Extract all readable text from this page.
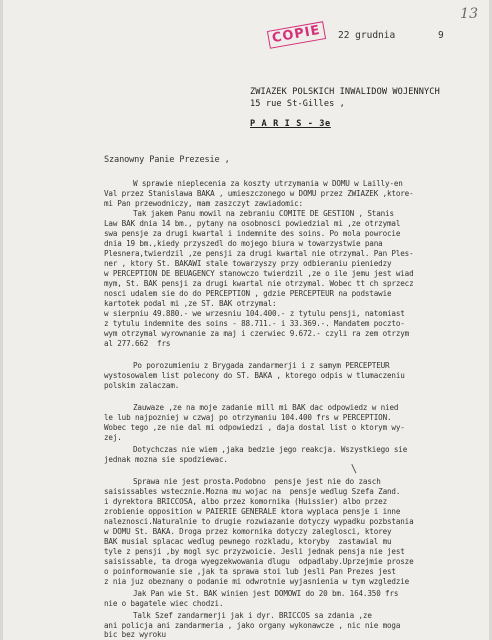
13
COPIE	22 grudnia	9
ZWIAZEK POLSKICH INWALIDOW WOJENNYCH
15 rue St-Gilles ,
P A R I S - 3e
Szanowny Panie Prezesie ,
W sprawie nieplecenia za koszty utrzymania w DOMU w Lailly-en
Val przez Stanislawa BAKA , umieszczonego w DOMU przez ZWIAZEK ,ktore-
mi Pan przewodniczy, mam zaszczyt zawiadomic:
Tak jakem Panu mowil na zebraniu COMITE DE GESTION , Stanis
Law BAK dnia 14 bm., pytany na osobnosci powiedzial mi ,ze otrzymal
swa pensje za drugi kwartal i indemnite des soins. Po mola powrocie
dnia 19 bm.,kiedy przyszedl do mojego biura w towarzystwie pana
Plesnera,twierdzil ,ze pensji za drugi kwartal nie otrzymal. Pan Ples-
ner , ktory St. BAKAWI stale towarzyszy przy odbieraniu pieniedzy
w PERCEPTION DE BEUAGENCY stanowczo twierdzil ,ze o ile jemu jest wiad
mym, St. BAK pensji za drugi kwartal nie otrzymal. Wobec tt ch sprzecz
nosci udalem sie do do PERCEPTION , gdzie PERCEPTEUR na podstawie
kartotek podal mi ,ze ST. BAK otrzymal:
w sierpniu 49.880.- we wrzesniu 104.400.- z tytulu pensji, natomiast
z tytulu indemnite des soins - 88.711.- i 33.369.-. Mandatem poczto-
wym otrzymal wyrownanie za maj i czerwiec 9.672.- czyli ra zem otrzym
al 277.662  frs
Po porozumieniu z Brygada zandarmerji i z samym PERCEPTEUR
wystosowalem list polecony do ST. BAKA , ktorego odpis w tlumaczeniu
polskim zalaczam.
Zauwaze ,ze na moje zadanie mill mi BAK dac odpowiedz w nied
le lub najpozniej w czwaj po otrzymaniu 104.400 frs w PERCEPTION.
Wobec tego ,ze nie dal mi odpowiedzi , daja dostal list o ktorym wy-
zej.
Dotychczas nie wiem ,jaka bedzie jego reakcja. Wszystkiego sie
jednak mozna sie spodziewac.
Sprawa nie jest prosta.Podobno  pensje jest nie do zasch
saisissables wstecznie.Mozna mu wojac na  pensje wedlug Szefa Zand.
i dyrektora BRICCOSA, albo przez komornika (Huissier) albo przez
zrobienie opposition w PAIERIE GENERALE ktora wyplaca pensje i inne
naleznosci.Naturalnie to drugie rozwiazanie dotyczy wypadku pozbstania
w DOMU St. BAKA. Droga przez komornika dotyczy zaleglosci, ktorey
BAK musial splacac wedlug pewnego rozkladu, ktoryby  zastawial mu
tyle z pensji ,by mogl syc przyzwoicie. Jesli jednak pensja nie jest
saisissable, ta droga wyegzekwowania dlugu  odpadlaby.Uprzejmie prosze
o poinformowanie sie ,jak ta sprawa stoi lub jesli Pan Prezes jest
z nia juz obeznany o podanie mi odwrotnie wyjasnienia w tym wzgledzie
Jak Pan wie St. BAK winien jest DOMOWI do 20 bm. 164.350 frs
nie o bagatele wiec chodzi.
Talk Szef zandarmerji jak i dyr. BRICCOS sa zdania ,ze
ani policja ani zandarmeria , jako organy wykonawcze , nic nie moga
bic bez wyroku
